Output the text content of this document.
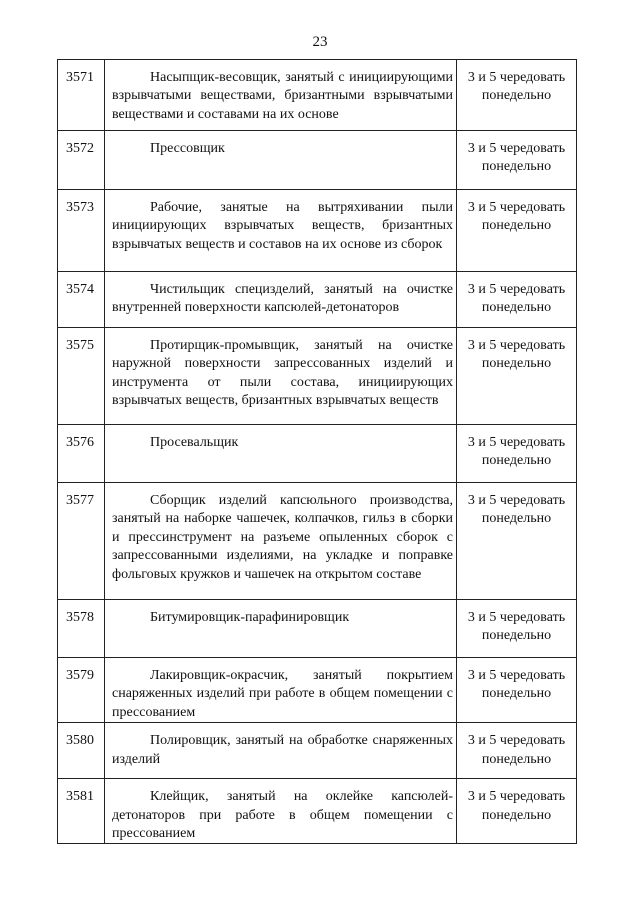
23
3571	Насыпщик-весовщик, занятый с инициирующими взрывчатыми веществами, бризантными взрывчатыми веществами и составами на их основе	3 и 5 чередовать понедельно
3572	Прессовщик	3 и 5 чередовать понедельно
3573	Рабочие, занятые на вытряхивании пыли инициирующих взрывчатых веществ, бризантных взрывчатых веществ и составов на их основе из сборок	3 и 5 чередовать понедельно
3574	Чистильщик специзделий, занятый на очистке внутренней поверхности капсюлей-детонаторов	3 и 5 чередовать понедельно
3575	Протирщик-промывщик, занятый на очистке наружной поверхности запрессованных изделий и инструмента от пыли состава, инициирующих взрывчатых веществ, бризантных взрывчатых веществ	3 и 5 чередовать понедельно
3576	Просевальщик	3 и 5 чередовать понедельно
3577	Сборщик изделий капсюльного производства, занятый на наборке чашечек, колпачков, гильз в сборки и прессинструмент на разъеме опыленных сборок с запрессованными изделиями, на укладке и поправке фольговых кружков и чашечек на открытом составе	3 и 5 чередовать понедельно
3578	Битумировщик-парафинировщик	3 и 5 чередовать понедельно
3579	Лакировщик-окрасчик, занятый покрытием снаряженных изделий при работе в общем помещении с прессованием	3 и 5 чередовать понедельно
3580	Полировщик, занятый на обработке снаряженных изделий	3 и 5 чередовать понедельно
3581	Клейщик, занятый на оклейке капсюлей-детонаторов при работе в общем помещении с прессованием	3 и 5 чередовать понедельно
